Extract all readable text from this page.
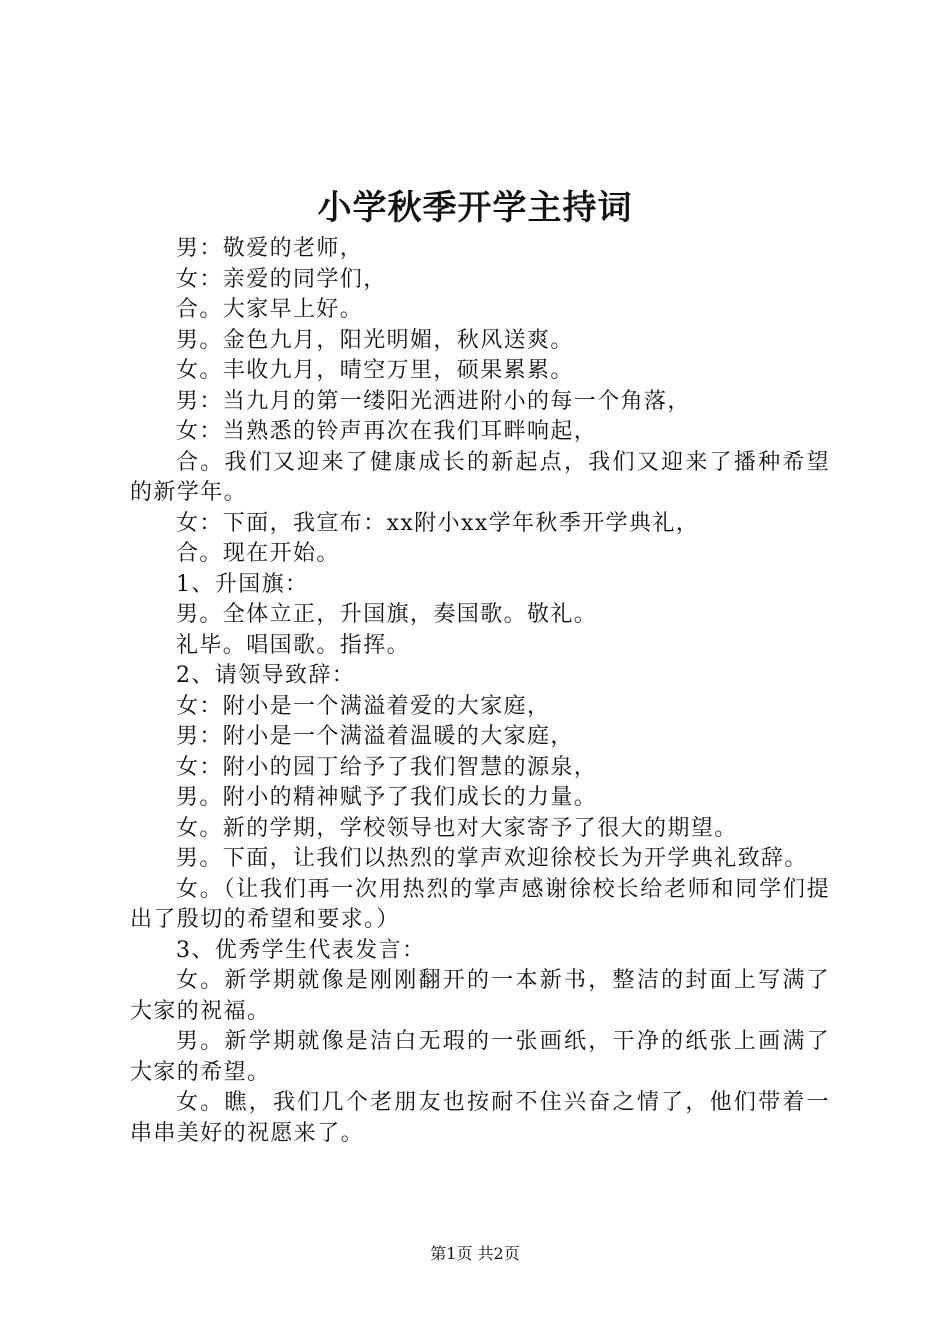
小学秋季开学主持词

男：敬爱的老师，

女：亲爱的同学们，

合。大家早上好。

男。金色九月，阳光明媚，秋风送爽。

女。丰收九月，晴空万里，硕果累累。

男：当九月的第一缕阳光洒进附小的每一个角落，

女：当熟悉的铃声再次在我们耳畔响起，

合。我们又迎来了健康成长的新起点，我们又迎来了播种希望的新学年。

女：下面，我宣布：xx附小xx学年秋季开学典礼，

合。现在开始。

1、升国旗：

男。全体立正，升国旗，奏国歌。敬礼。

礼毕。唱国歌。指挥。

2、请领导致辞：

女：附小是一个满溢着爱的大家庭，

男：附小是一个满溢着温暖的大家庭，

女：附小的园丁给予了我们智慧的源泉，

男。附小的精神赋予了我们成长的力量。

女。新的学期，学校领导也对大家寄予了很大的期望。

男。下面，让我们以热烈的掌声欢迎徐校长为开学典礼致辞。

女。（让我们再一次用热烈的掌声感谢徐校长给老师和同学们提出了殷切的希望和要求。）

3、优秀学生代表发言：

女。新学期就像是刚刚翻开的一本新书，整洁的封面上写满了大家的祝福。

男。新学期就像是洁白无瑕的一张画纸，干净的纸张上画满了大家的希望。

女。瞧，我们几个老朋友也按耐不住兴奋之情了，他们带着一串串美好的祝愿来了。

第1页 共2页
